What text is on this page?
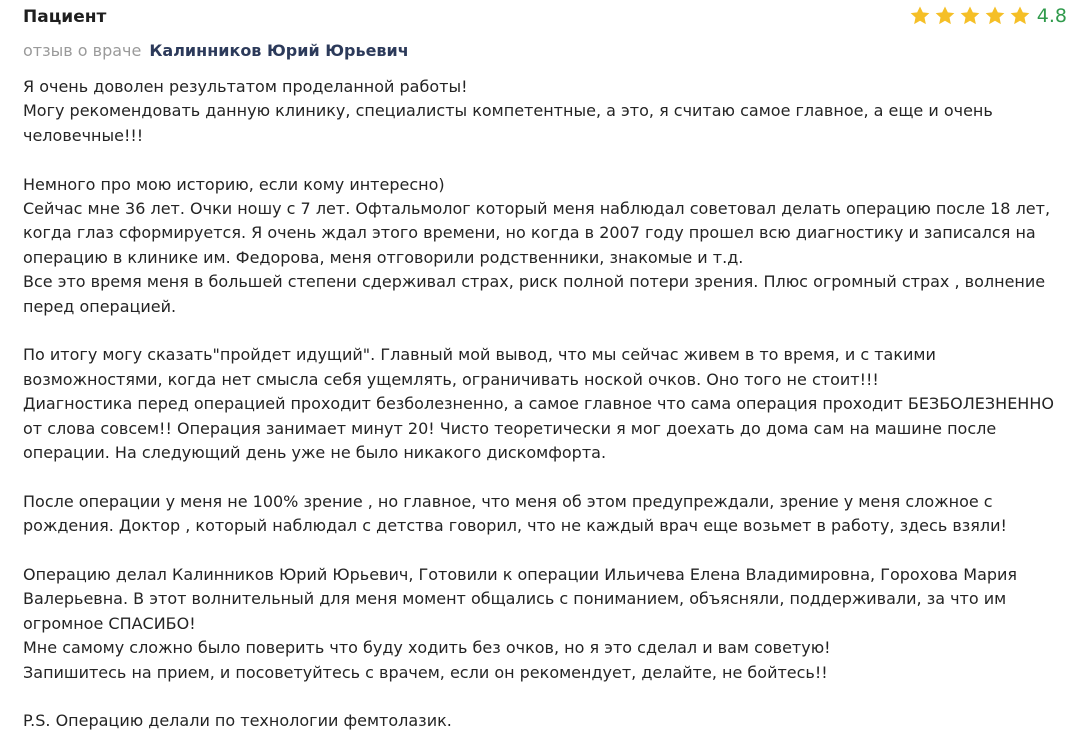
Пациент	4.8
отзыв о враче Калинников Юрий Юрьевич

Я очень доволен результатом проделанной работы!
Могу рекомендовать данную клинику, специалисты компетентные, а это, я считаю самое главное, а еще и очень
человечные!!!

Немного про мою историю, если кому интересно)
Сейчас мне 36 лет. Очки ношу с 7 лет. Офтальмолог который меня наблюдал советовал делать операцию после 18 лет,
когда глаз сформируется. Я очень ждал этого времени, но когда в 2007 году прошел всю диагностику и записался на
операцию в клинике им. Федорова, меня отговорили родственники, знакомые и т.д.
Все это время меня в большей степени сдерживал страх, риск полной потери зрения. Плюс огромный страх , волнение
перед операцией.

По итогу могу сказать"пройдет идущий". Главный мой вывод, что мы сейчас живем в то время, и с такими
возможностями, когда нет смысла себя ущемлять, ограничивать ноской очков. Оно того не стоит!!!
Диагностика перед операцией проходит безболезненно, а самое главное что сама операция проходит БЕЗБОЛЕЗНЕННО
от слова совсем!! Операция занимает минут 20! Чисто теоретически я мог доехать до дома сам на машине после
операции. На следующий день уже не было никакого дискомфорта.

После операции у меня не 100% зрение , но главное, что меня об этом предупреждали, зрение у меня сложное с
рождения. Доктор , который наблюдал с детства говорил, что не каждый врач еще возьмет в работу, здесь взяли!

Операцию делал Калинников Юрий Юрьевич, Готовили к операции Ильичева Елена Владимировна, Горохова Мария
Валерьевна. В этот волнительный для меня момент общались с пониманием, объясняли, поддерживали, за что им
огромное СПАСИБО!
Мне самому сложно было поверить что буду ходить без очков, но я это сделал и вам советую!
Запишитесь на прием, и посоветуйтесь с врачем, если он рекомендует, делайте, не бойтесь!!

P.S. Операцию делали по технологии фемтолазик.
